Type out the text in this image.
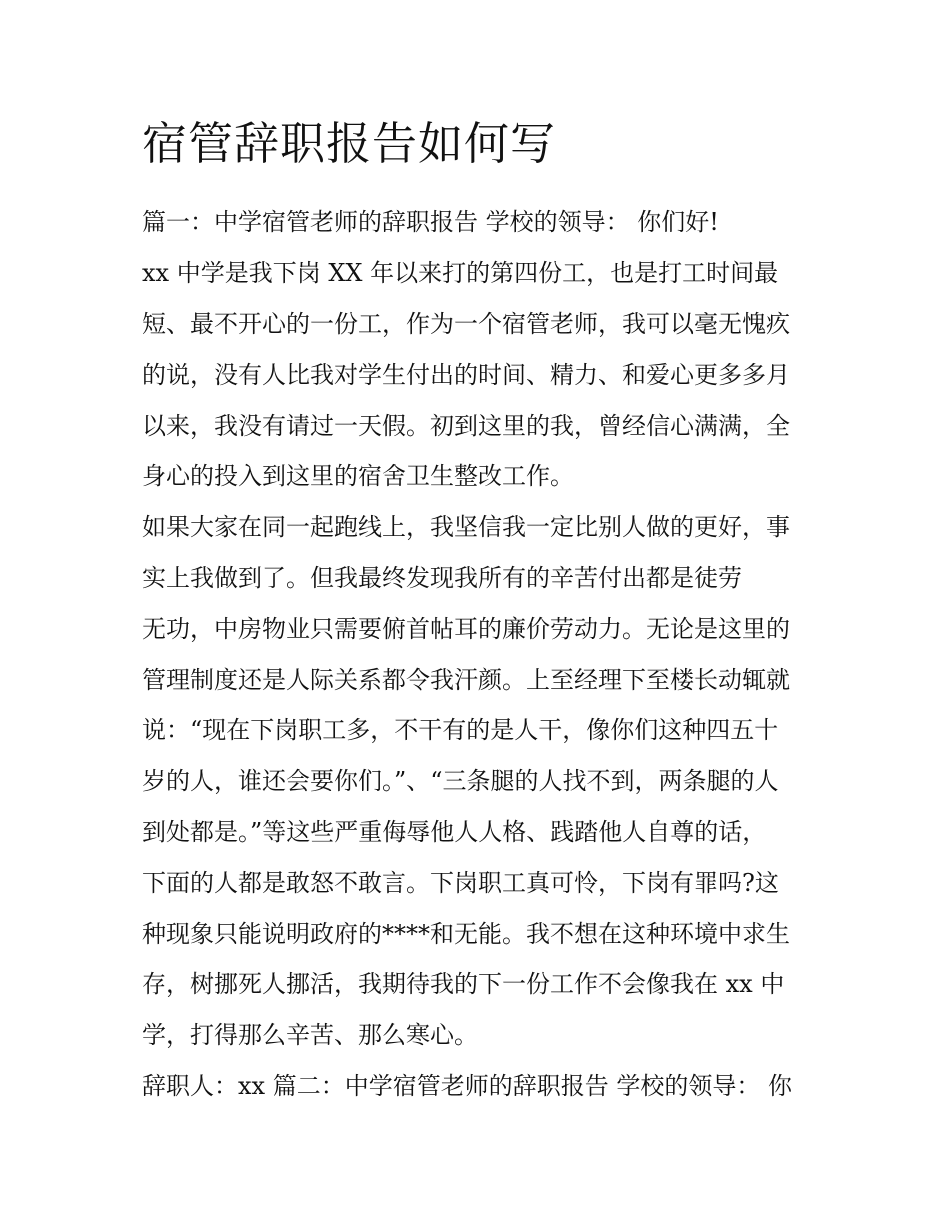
宿管辞职报告如何写

篇一：中学宿管老师的辞职报告 学校的领导： 你们好!

xx 中学是我下岗 XX 年以来打的第四份工，也是打工时间最

短、最不开心的一份工，作为一个宿管老师，我可以毫无愧疚

的说，没有人比我对学生付出的时间、精力、和爱心更多多月

以来，我没有请过一天假。初到这里的我，曾经信心满满，全

身心的投入到这里的宿舍卫生整改工作。

如果大家在同一起跑线上，我坚信我一定比别人做的更好，事

实上我做到了。但我最终发现我所有的辛苦付出都是徒劳

无功，中房物业只需要俯首帖耳的廉价劳动力。无论是这里的

管理制度还是人际关系都令我汗颜。上至经理下至楼长动辄就

说：“现在下岗职工多，不干有的是人干，像你们这种四五十

岁的人，谁还会要你们。”、“三条腿的人找不到，两条腿的人

到处都是。”等这些严重侮辱他人人格、践踏他人自尊的话，

下面的人都是敢怒不敢言。下岗职工真可怜，下岗有罪吗?这

种现象只能说明政府的****和无能。我不想在这种环境中求生

存，树挪死人挪活，我期待我的下一份工作不会像我在 xx 中

学，打得那么辛苦、那么寒心。

辞职人：xx 篇二：中学宿管老师的辞职报告 学校的领导： 你
